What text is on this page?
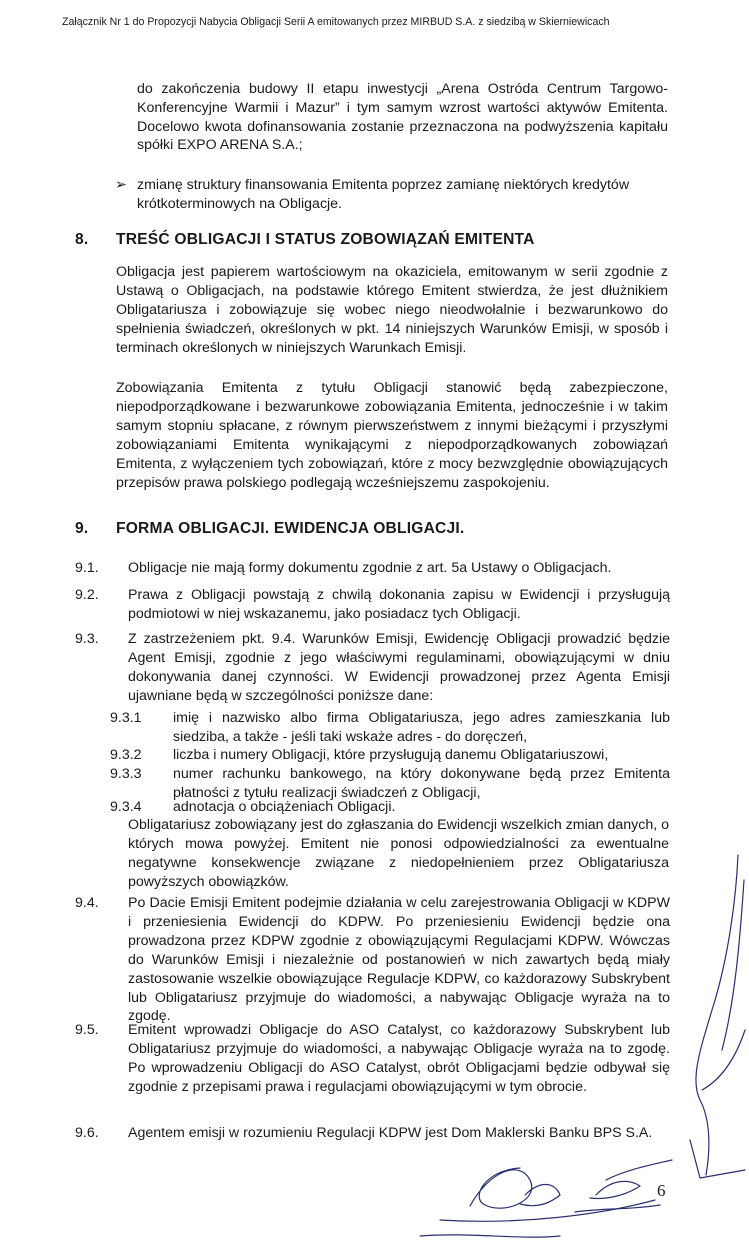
Załącznik Nr 1 do Propozycji Nabycia Obligacji Serii A emitowanych przez MIRBUD S.A. z siedzibą w Skierniewicach
do zakończenia budowy II etapu inwestycji „Arena Ostróda Centrum Targowo-Konferencyjne Warmii i Mazur” i tym samym wzrost wartości aktywów Emitenta. Docelowo kwota dofinansowania zostanie przeznaczona na podwyższenia kapitału spółki EXPO ARENA S.A.;
➢ zmianę struktury finansowania Emitenta poprzez zamianę niektórych kredytów krótkoterminowych na Obligacje.
8. TREŚĆ OBLIGACJI I STATUS ZOBOWIĄZAŃ EMITENTA
Obligacja jest papierem wartościowym na okaziciela, emitowanym w serii zgodnie z Ustawą o Obligacjach, na podstawie którego Emitent stwierdza, że jest dłużnikiem Obligatariusza i zobowiązuje się wobec niego nieodwołalnie i bezwarunkowo do spełnienia świadczeń, określonych w pkt. 14 niniejszych Warunków Emisji, w sposób i terminach określonych w niniejszych Warunkach Emisji.
Zobowiązania Emitenta z tytułu Obligacji stanowić będą zabezpieczone, niepodporządkowane i bezwarunkowe zobowiązania Emitenta, jednocześnie i w takim samym stopniu spłacane, z równym pierwszeństwem z innymi bieżącymi i przyszłymi zobowiązaniami Emitenta wynikającymi z niepodporządkowanych zobowiązań Emitenta, z wyłączeniem tych zobowiązań, które z mocy bezwzględnie obowiązujących przepisów prawa polskiego podlegają wcześniejszemu zaspokojeniu.
9. FORMA OBLIGACJI. EWIDENCJA OBLIGACJI.
9.1. Obligacje nie mają formy dokumentu zgodnie z art. 5a Ustawy o Obligacjach.
9.2. Prawa z Obligacji powstają z chwilą dokonania zapisu w Ewidencji i przysługują podmiotowi w niej wskazanemu, jako posiadacz tych Obligacji.
9.3. Z zastrzeżeniem pkt. 9.4. Warunków Emisji, Ewidencję Obligacji prowadzić będzie Agent Emisji, zgodnie z jego właściwymi regulaminami, obowiązującymi w dniu dokonywania danej czynności. W Ewidencji prowadzonej przez Agenta Emisji ujawniane będą w szczególności poniższe dane:
9.3.1 imię i nazwisko albo firma Obligatariusza, jego adres zamieszkania lub siedziba, a także - jeśli taki wskaże adres - do doręczeń,
9.3.2 liczba i numery Obligacji, które przysługują danemu Obligatariuszowi,
9.3.3 numer rachunku bankowego, na który dokonywane będą przez Emitenta płatności z tytułu realizacji świadczeń z Obligacji,
9.3.4 adnotacja o obciążeniach Obligacji.
Obligatariusz zobowiązany jest do zgłaszania do Ewidencji wszelkich zmian danych, o których mowa powyżej. Emitent nie ponosi odpowiedzialności za ewentualne negatywne konsekwencje związane z niedopełnieniem przez Obligatariusza powyższych obowiązków.
9.4. Po Dacie Emisji Emitent podejmie działania w celu zarejestrowania Obligacji w KDPW i przeniesienia Ewidencji do KDPW. Po przeniesieniu Ewidencji będzie ona prowadzona przez KDPW zgodnie z obowiązującymi Regulacjami KDPW. Wówczas do Warunków Emisji i niezależnie od postanowień w nich zawartych będą miały zastosowanie wszelkie obowiązujące Regulacje KDPW, co każdorazowy Subskrybent lub Obligatariusz przyjmuje do wiadomości, a nabywając Obligacje wyraża na to zgodę.
9.5. Emitent wprowadzi Obligacje do ASO Catalyst, co każdorazowy Subskrybent lub Obligatariusz przyjmuje do wiadomości, a nabywając Obligacje wyraża na to zgodę. Po wprowadzeniu Obligacji do ASO Catalyst, obrót Obligacjami będzie odbywał się zgodnie z przepisami prawa i regulacjami obowiązującymi w tym obrocie.
9.6. Agentem emisji w rozumieniu Regulacji KDPW jest Dom Maklerski Banku BPS S.A.
6
